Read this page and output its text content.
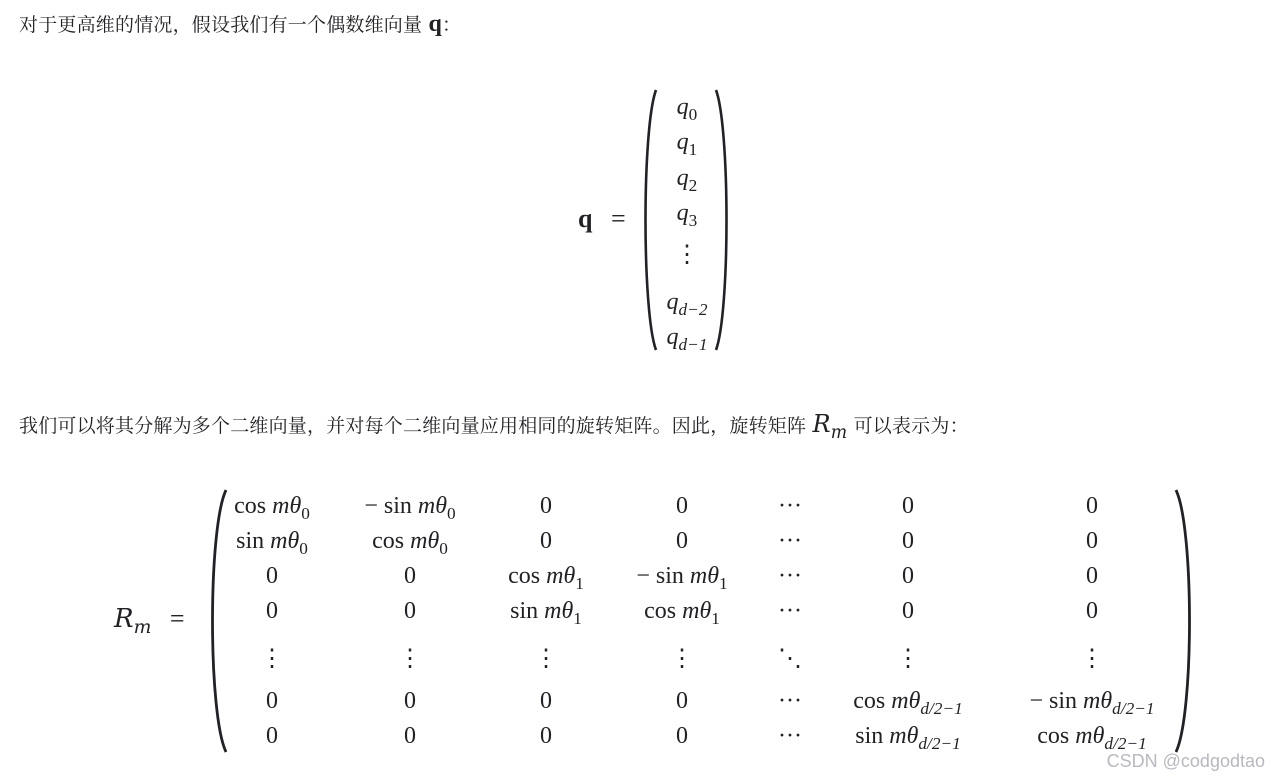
对于更高维的情况，假设我们有一个偶数维向量 q：
q =
$q_0$
$q_1$
$q_2$
$q_3$
⋮
$q_{d-2}$
$q_{d-1}$
我们可以将其分解为多个二维向量，并对每个二维向量应用相同的旋转矩阵。因此，旋转矩阵 $R_m$ 可以表示为：
$R_m$ =
$\cos m\theta_0$	− $\sin m\theta_0$	0	0	···	0	0
$\sin m\theta_0$	$\cos m\theta_0$	0	0	···	0	0
0	0	$\cos m\theta_1$	− $\sin m\theta_1$	···	0	0
0	0	$\sin m\theta_1$	$\cos m\theta_1$	···	0	0
⋮	⋮	⋮	⋮	⋱	⋮	⋮
0	0	0	0	···	$\cos m\theta_{d/2-1}$	− $\sin m\theta_{d/2-1}$
0	0	0	0	···	$\sin m\theta_{d/2-1}$	$\cos m\theta_{d/2-1}$
CSDN @codgodtao
